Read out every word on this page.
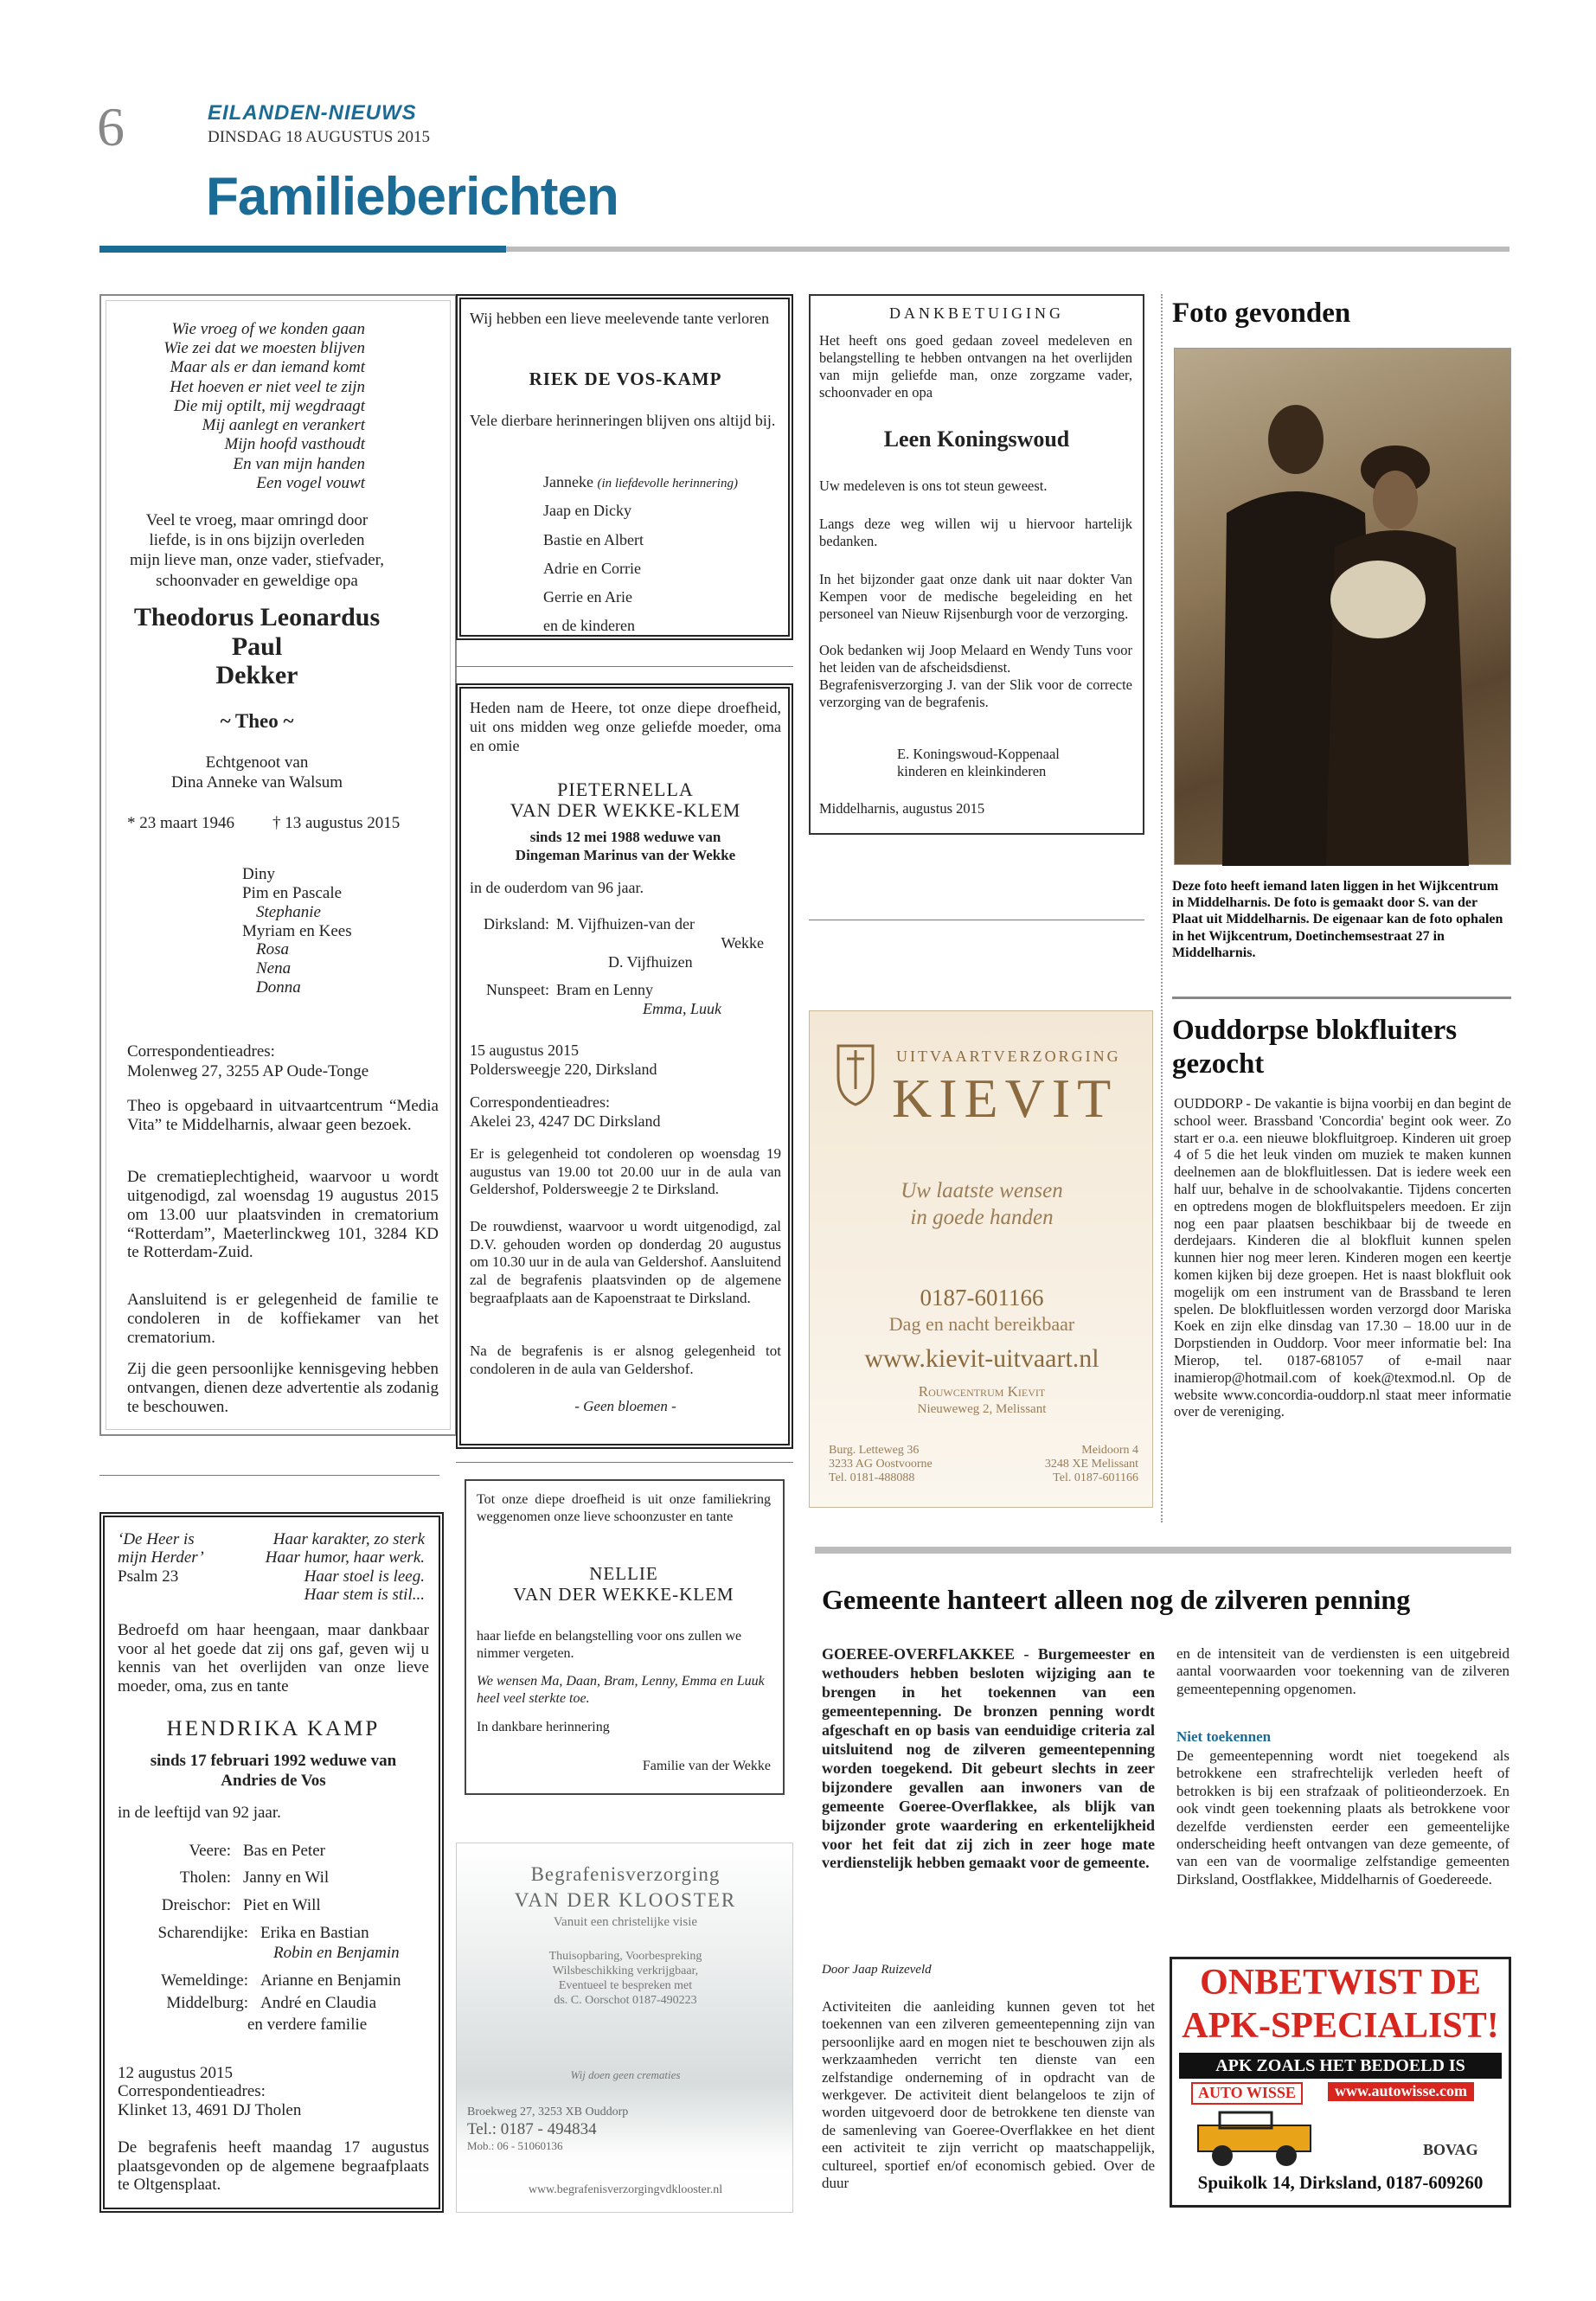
6	EILANDEN-NIEUWS
DINSDAG 18 AUGUSTUS 2015
Familieberichten
Wie vroeg of we konden gaan
Wie zei dat we moesten blijven
Maar als er dan iemand komt
Het hoeven er niet veel te zijn
Die mij optilt, mij wegdraagt
Mij aanlegt en verankert
Mijn hoofd vasthoudt
En van mijn handen
Een vogel vouwt
Veel te vroeg, maar omringd door
liefde, is in ons bijzijn overleden
mijn lieve man, onze vader, stiefvader,
schoonvader en geweldige opa
Theodorus Leonardus
Paul
Dekker
~ Theo ~
Echtgenoot van
Dina Anneke van Walsum
* 23 maart 1946 † 13 augustus 2015
Diny
Pim en Pascale
Stephanie
Myriam en Kees
Rosa
Nena
Donna
Correspondentieadres:
Molenweg 27, 3255 AP Oude-Tonge
Theo is opgebaard in uitvaartcentrum “Media Vita” te Middelharnis, alwaar geen bezoek.
De crematieplechtigheid, waarvoor u wordt uitgenodigd, zal woensdag 19 augustus 2015 om 13.00 uur plaatsvinden in crematorium “Rotterdam”, Maeterlinckweg 101, 3284 KD te Rotterdam-Zuid.
Aansluitend is er gelegenheid de familie te condoleren in de koffiekamer van het crematorium.
Zij die geen persoonlijke kennisgeving hebben ontvangen, dienen deze advertentie als zodanig te beschouwen.
‘De Heer is
mijn Herder’
Psalm 23
Haar karakter, zo sterk
Haar humor, haar werk.
Haar stoel is leeg.
Haar stem is stil...
Bedroefd om haar heengaan, maar dankbaar voor al het goede dat zij ons gaf, geven wij u kennis van het overlijden van onze lieve moeder, oma, zus en tante
HENDRIKA KAMP
sinds 17 februari 1992 weduwe van
Andries de Vos
in de leeftijd van 92 jaar.
Veere: Bas en Peter
Tholen: Janny en Wil
Dreischor: Piet en Will
Scharendijke: Erika en Bastian
Robin en Benjamin
Wemeldinge: Arianne en Benjamin
Middelburg: André en Claudia
en verdere familie
12 augustus 2015
Correspondentieadres:
Klinket 13, 4691 DJ Tholen
De begrafenis heeft maandag 17 augustus plaatsgevonden op de algemene begraafplaats te Oltgensplaat.
Wij hebben een lieve meelevende tante verloren
RIEK DE VOS-KAMP
Vele dierbare herinneringen blijven ons altijd bij.
Janneke (in liefdevolle herinnering)
Jaap en Dicky
Bastie en Albert
Adrie en Corrie
Gerrie en Arie
en de kinderen
Heden nam de Heere, tot onze diepe droefheid, uit ons midden weg onze geliefde moeder, oma en omie
PIETERNELLA
VAN DER WEKKE-KLEM
sinds 12 mei 1988 weduwe van
Dingeman Marinus van der Wekke
in de ouderdom van 96 jaar.
Dirksland: M. Vijfhuizen-van der
Wekke
D. Vijfhuizen
Nunspeet: Bram en Lenny
Emma, Luuk
15 augustus 2015
Poldersweegje 220, Dirksland
Correspondentieadres:
Akelei 23, 4247 DC Dirksland
Er is gelegenheid tot condoleren op woensdag 19 augustus van 19.00 tot 20.00 uur in de aula van Geldershof, Poldersweegje 2 te Dirksland.
De rouwdienst, waarvoor u wordt uitgenodigd, zal D.V. gehouden worden op donderdag 20 augustus om 10.30 uur in de aula van Geldershof. Aansluitend zal de begrafenis plaatsvinden op de algemene begraafplaats aan de Kapoenstraat te Dirksland.
Na de begrafenis is er alsnog gelegenheid tot condoleren in de aula van Geldershof.
- Geen bloemen -
Tot onze diepe droefheid is uit onze familiekring weggenomen onze lieve schoonzuster en tante
NELLIE
VAN DER WEKKE-KLEM
haar liefde en belangstelling voor ons zullen we nimmer vergeten.
We wensen Ma, Daan, Bram, Lenny, Emma en Luuk heel veel sterkte toe.
In dankbare herinnering
Familie van der Wekke
Begrafenisverzorging
VAN DER KLOOSTER
Vanuit een christelijke visie
Thuisopbaring, Voorbespreking
Wilsbeschikking verkrijgbaar,
Eventueel te bespreken met
ds. C. Oorschot 0187-490223
Wij doen geen crematies
Broekweg 27, 3253 XB Ouddorp
Tel.: 0187 - 494834
Mob.: 06 - 51060136
www.begrafenisverzorgingvdklooster.nl
DANKBETUIGING
Het heeft ons goed gedaan zoveel medeleven en belangstelling te hebben ontvangen na het overlijden van mijn geliefde man, onze zorgzame vader, schoonvader en opa
Leen Koningswoud
Uw medeleven is ons tot steun geweest.
Langs deze weg willen wij u hiervoor hartelijk bedanken.
In het bijzonder gaat onze dank uit naar dokter Van Kempen voor de medische begeleiding en het personeel van Nieuw Rijsenburgh voor de verzorging.
Ook bedanken wij Joop Melaard en Wendy Tuns voor het leiden van de afscheidsdienst.
Begrafenisverzorging J. van der Slik voor de correcte verzorging van de begrafenis.
E. Koningswoud-Koppenaal
kinderen en kleinkinderen
Middelharnis, augustus 2015
UITVAARTVERZORGING
KIEVIT
Uw laatste wensen
in goede handen
0187-601166
Dag en nacht bereikbaar
www.kievit-uitvaart.nl
Rouwcentrum Kievit
Nieuweweg 2, Melissant
Burg. Letteweg 36
3233 AG Oostvoorne
Tel. 0181-488088
Meidoorn 4
3248 XE Melissant
Tel. 0187-601166
Foto gevonden
Deze foto heeft iemand laten liggen in het Wijkcentrum in Middelharnis. De foto is gemaakt door S. van der Plaat uit Middelharnis. De eigenaar kan de foto ophalen in het Wijkcentrum, Doetinchemsestraat 27 in Middelharnis.
Ouddorpse blokfluiters
gezocht
OUDDORP - De vakantie is bijna voorbij en dan begint de school weer. Brassband 'Concordia' begint ook weer. Zo start er o.a. een nieuwe blokfluitgroep. Kinderen uit groep 4 of 5 die het leuk vinden om muziek te maken kunnen deelnemen aan de blokfluitlessen. Dat is iedere week een half uur, behalve in de schoolvakantie. Tijdens concerten en optredens mogen de blokfluitspelers meedoen. Er zijn nog een paar plaatsen beschikbaar bij de tweede en derdejaars. Kinderen die al blokfluit kunnen spelen kunnen hier nog meer leren. Kinderen mogen een keertje komen kijken bij deze groepen. Het is naast blokfluit ook mogelijk om een instrument van de Brassband te leren spelen. De blokfluitlessen worden verzorgd door Mariska Koek en zijn elke dinsdag van 17.30 – 18.00 uur in de Dorpstienden in Ouddorp. Voor meer informatie bel: Ina Mierop, tel. 0187-681057 of e-mail naar inamierop@hotmail.com of koek@texmod.nl. Op de website www.concordia-ouddorp.nl staat meer informatie over de vereniging.
Gemeente hanteert alleen nog de zilveren penning
GOEREE-OVERFLAKKEE - Burgemeester en wethouders hebben besloten wijziging aan te brengen in het toekennen van een gemeentepenning. De bronzen penning wordt afgeschaft en op basis van eenduidige criteria zal uitsluitend nog de zilveren gemeentepenning worden toegekend. Dit gebeurt slechts in zeer bijzondere gevallen aan inwoners van de gemeente Goeree-Overflakkee, als blijk van bijzonder grote waardering en erkentelijkheid voor het feit dat zij zich in zeer hoge mate verdienstelijk hebben gemaakt voor de gemeente.
Door Jaap Ruizeveld
Activiteiten die aanleiding kunnen geven tot het toekennen van een zilveren gemeentepenning zijn van persoonlijke aard en mogen niet te beschouwen zijn als werkzaamheden verricht ten dienste van een zelfstandige onderneming of in opdracht van de werkgever. De activiteit dient belangeloos te zijn of worden uitgevoerd door de betrokkene ten dienste van de samenleving van Goeree-Overflakkee en het dient een activiteit te zijn verricht op maatschappelijk, cultureel, sportief en/of economisch gebied. Over de duur
en de intensiteit van de verdiensten is een uitgebreid aantal voorwaarden voor toekenning van de zilveren gemeentepenning opgenomen.
Niet toekennen
De gemeentepenning wordt niet toegekend als betrokkene een strafrechtelijk verleden heeft of betrokken is bij een strafzaak of politieonderzoek. En ook vindt geen toekenning plaats als betrokkene voor dezelfde verdiensten eerder een gemeentelijke onderscheiding heeft ontvangen van deze gemeente, of van een van de voormalige zelfstandige gemeenten Dirksland, Oostflakkee, Middelharnis of Goedereede.
ONBETWIST DE
APK-SPECIALIST!
APK ZOALS HET BEDOELD IS
AUTO WISSE	www.autowisse.com
BOVAG
Spuikolk 14, Dirksland, 0187-609260
